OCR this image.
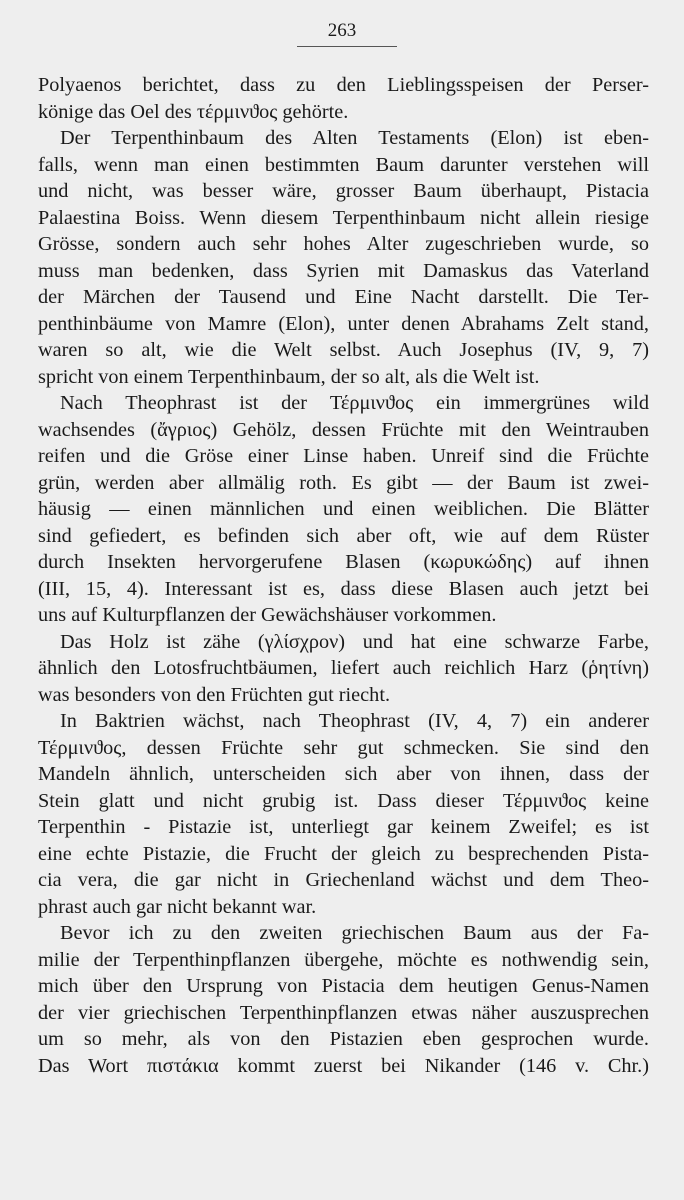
263
Polyaenos berichtet, dass zu den Lieblingsspeisen der Perser-
könige das Oel des τέρμινϑος gehörte.
Der Terpenthinbaum des Alten Testaments (Elon) ist eben-
falls, wenn man einen bestimmten Baum darunter verstehen will
und nicht, was besser wäre, grosser Baum überhaupt, Pistacia
Palaestina Boiss. Wenn diesem Terpenthinbaum nicht allein riesige
Grösse, sondern auch sehr hohes Alter zugeschrieben wurde, so
muss man bedenken, dass Syrien mit Damaskus das Vaterland
der Märchen der Tausend und Eine Nacht darstellt. Die Ter-
penthinbäume von Mamre (Elon), unter denen Abrahams Zelt stand,
waren so alt, wie die Welt selbst. Auch Josephus (IV, 9, 7)
spricht von einem Terpenthinbaum, der so alt, als die Welt ist.
Nach Theophrast ist der Τέρμινϑος ein immergrünes wild
wachsendes (ἄγριος) Gehölz, dessen Früchte mit den Weintrauben
reifen und die Gröse einer Linse haben. Unreif sind die Früchte
grün, werden aber allmälig roth. Es gibt — der Baum ist zwei-
häusig — einen männlichen und einen weiblichen. Die Blätter
sind gefiedert, es befinden sich aber oft, wie auf dem Rüster
durch Insekten hervorgerufene Blasen (κωρυκώδης) auf ihnen
(III, 15, 4). Interessant ist es, dass diese Blasen auch jetzt bei
uns auf Kulturpflanzen der Gewächshäuser vorkommen.
Das Holz ist zähe (γλίσχρον) und hat eine schwarze Farbe,
ähnlich den Lotosfruchtbäumen, liefert auch reichlich Harz (ῥητίνη)
was besonders von den Früchten gut riecht.
In Baktrien wächst, nach Theophrast (IV, 4, 7) ein anderer
Τέρμινϑος, dessen Früchte sehr gut schmecken. Sie sind den
Mandeln ähnlich, unterscheiden sich aber von ihnen, dass der
Stein glatt und nicht grubig ist. Dass dieser Τέρμινϑος keine
Terpenthin - Pistazie ist, unterliegt gar keinem Zweifel; es ist
eine echte Pistazie, die Frucht der gleich zu besprechenden Pista-
cia vera, die gar nicht in Griechenland wächst und dem Theo-
phrast auch gar nicht bekannt war.
Bevor ich zu den zweiten griechischen Baum aus der Fa-
milie der Terpenthinpflanzen übergehe, möchte es nothwendig sein,
mich über den Ursprung von Pistacia dem heutigen Genus-Namen
der vier griechischen Terpenthinpflanzen etwas näher auszusprechen
um so mehr, als von den Pistazien eben gesprochen wurde.
Das Wort πιστάκια kommt zuerst bei Nikander (146 v. Chr.)
